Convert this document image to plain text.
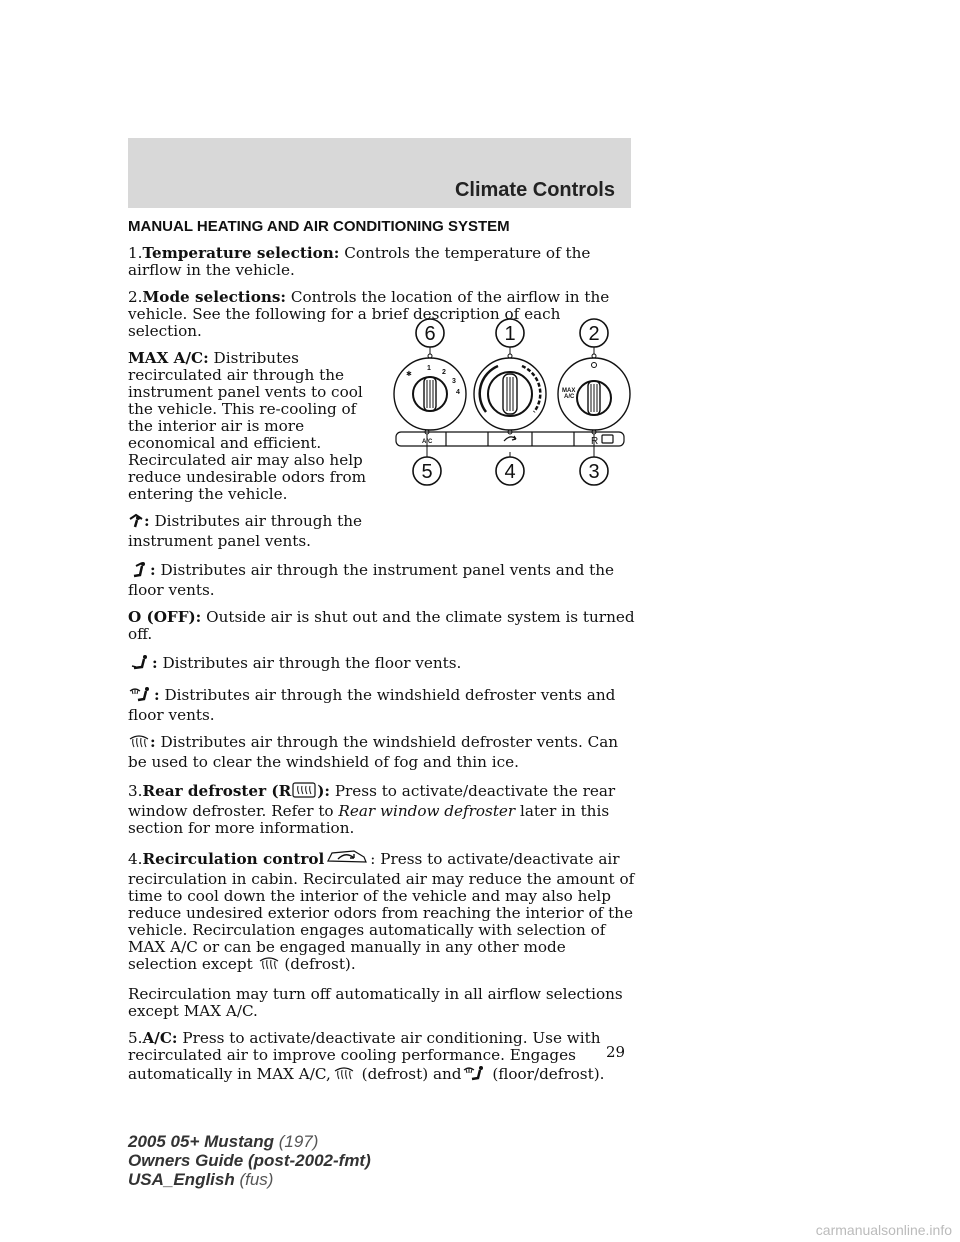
Climate Controls
6	1	2
5	4	3
✱
1
2
3
4	MAX
A/C
A/C	R
MANUAL HEATING AND AIR CONDITIONING SYSTEM

1.Temperature selection: Controls the temperature of the airflow in the vehicle.

2.Mode selections: Controls the location of the airflow in the vehicle. See the following for a brief description of each selection.

MAX A/C: Distributes recirculated air through the instrument panel vents to cool the vehicle. This re-cooling of the interior air is more economical and efficient. Recirculated air may also help reduce undesirable odors from entering the vehicle.

: Distributes air through the instrument panel vents.

: Distributes air through the instrument panel vents and the floor vents.

O (OFF): Outside air is shut out and the climate system is turned off.

: Distributes air through the floor vents.

: Distributes air through the windshield defroster vents and floor vents.

: Distributes air through the windshield defroster vents. Can be used to clear the windshield of fog and thin ice.

3.Rear defroster (R ): Press to activate/deactivate the rear window defroster. Refer to Rear window defroster later in this section for more information.

4.Recirculation control	: Press to activate/deactivate air recirculation in cabin. Recirculated air may reduce the amount of time to cool down the interior of the vehicle and may also help reduce undesired exterior odors from reaching the interior of the vehicle. Recirculation engages automatically with selection of MAX A/C or can be engaged manually in any other mode selection except  (defrost).

Recirculation may turn off automatically in all airflow selections except MAX A/C.

5.A/C: Press to activate/deactivate air conditioning. Use with recirculated air to improve cooling performance. Engages automatically in MAX A/C, (defrost) and (floor/defrost).

29
2005 05+ Mustang (197)
Owners Guide (post-2002-fmt)
USA_English (fus)
carmanualsonline.info
